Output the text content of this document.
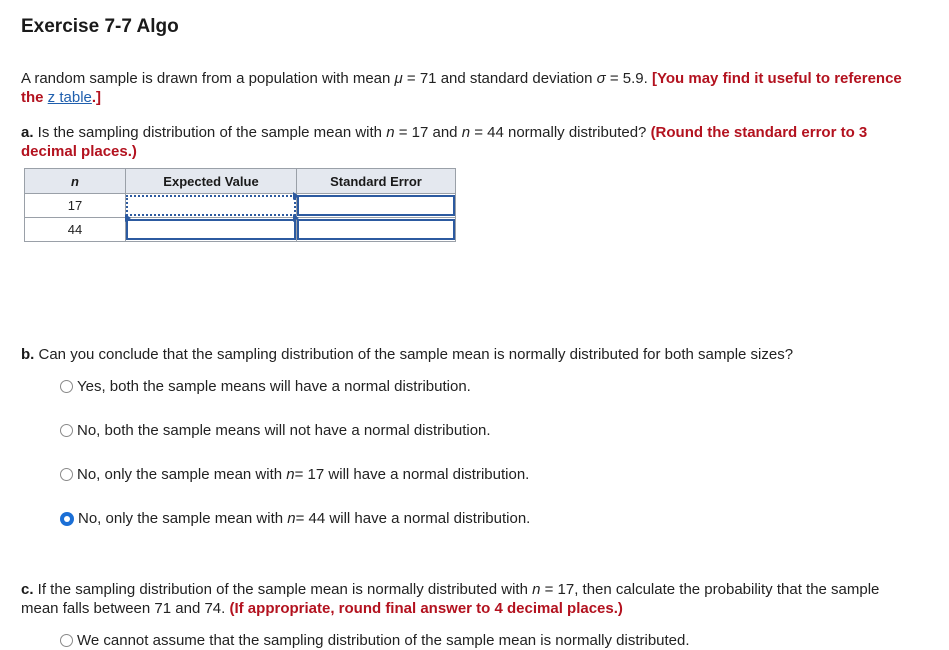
Exercise 7-7 Algo
A random sample is drawn from a population with mean μ = 71 and standard deviation σ = 5.9. [You may find it useful to reference the z table.]
a. Is the sampling distribution of the sample mean with n = 17 and n = 44 normally distributed? (Round the standard error to 3 decimal places.)
n	Expected Value	Standard Error
17	

44	

b. Can you conclude that the sampling distribution of the sample mean is normally distributed for both sample sizes?
Yes, both the sample means will have a normal distribution.
No, both the sample means will not have a normal distribution.
No, only the sample mean with
n = 17 will have a normal distribution.
No, only the sample mean with
n = 44 will have a normal distribution.
c. If the sampling distribution of the sample mean is normally distributed with n = 17, then calculate the probability that the sample mean falls between 71 and 74. (If appropriate, round final answer to 4 decimal places.)
We cannot assume that the sampling distribution of the sample mean is normally distributed.
